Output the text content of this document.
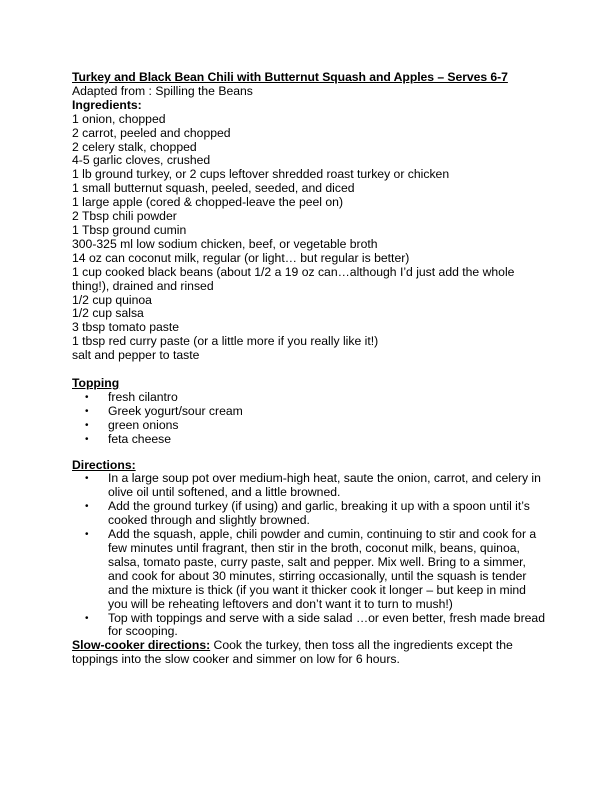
Turkey and Black Bean Chili with Butternut Squash and Apples – Serves 6-7
Adapted from : Spilling the Beans
Ingredients:
1 onion, chopped
2 carrot, peeled and chopped
2 celery stalk, chopped
4-5 garlic cloves, crushed
1 lb ground turkey, or 2 cups leftover shredded roast turkey or chicken
1 small butternut squash, peeled, seeded, and diced
1 large apple (cored & chopped-leave the peel on)
2 Tbsp chili powder
1 Tbsp ground cumin
300-325 ml low sodium chicken, beef, or vegetable broth
14 oz can coconut milk, regular (or light… but regular is better)
1 cup cooked black beans (about 1/2 a 19 oz can…although I’d just add the whole thing!), drained and rinsed
1/2 cup quinoa
1/2 cup salsa
3 tbsp tomato paste
1 tbsp red curry paste (or a little more if you really like it!)
salt and pepper to taste
Topping
• fresh cilantro
• Greek yogurt/sour cream
• green onions
• feta cheese
Directions:
• In a large soup pot over medium-high heat, saute the onion, carrot, and celery in olive oil until softened, and a little browned.
• Add the ground turkey (if using) and garlic, breaking it up with a spoon until it’s cooked through and slightly browned.
• Add the squash, apple, chili powder and cumin, continuing to stir and cook for a few minutes until fragrant, then stir in the broth, coconut milk, beans, quinoa, salsa, tomato paste, curry paste, salt and pepper. Mix well. Bring to a simmer, and cook for about 30 minutes, stirring occasionally, until the squash is tender and the mixture is thick (if you want it thicker cook it longer – but keep in mind you will be reheating leftovers and don’t want it to turn to mush!)
• Top with toppings and serve with a side salad …or even better, fresh made bread for scooping.
Slow-cooker directions: Cook the turkey, then toss all the ingredients except the toppings into the slow cooker and simmer on low for 6 hours.
